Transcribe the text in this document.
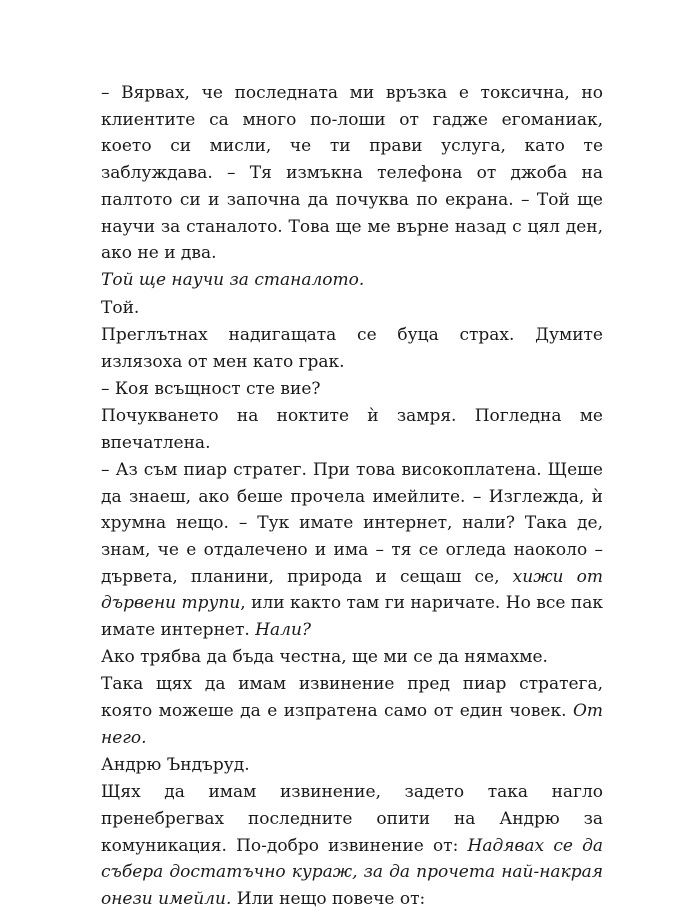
– Вярвах, че последната ми връзка е токсична, но клиентите са много по-лоши от гадже егоманиак, което си мисли, че ти прави услуга, като те заблуждава. – Тя измъкна телефона от джоба на палтото си и започна да почуква по екрана. – Той ще научи за станалото. Това ще ме върне назад с цял ден, ако не и два.

Той ще научи за станалото.

Той.

Преглътнах надигащата се буца страх. Думите излязоха от мен като грак.

– Коя всъщност сте вие?

Почукването на ноктите ѝ замря. Погледна ме впечатлена.

– Аз съм пиар стратег. При това високоплатена. Щеше да знаеш, ако беше прочела имейлите. – Изглежда, ѝ хрумна нещо. – Тук имате интернет, нали? Така де, знам, че е отдалечено и има – тя се огледа наоколо – дървета, планини, природа и сещаш се, хижи от дървени трупи, или както там ги наричате. Но все пак имате интернет. Нали?

Ако трябва да бъда честна, ще ми се да нямахме.

Така щях да имам извинение пред пиар стратега, която можеше да е изпратена само от един човек. От него.

Андрю Ъндъруд.

Щях да имам извинение, задето така нагло пренебрегвах последните опити на Андрю за комуникация. По-добро извинение от: Надявах се да събера достатъчно кураж, за да прочета най-накрая онези имейли. Или нещо повече от:
